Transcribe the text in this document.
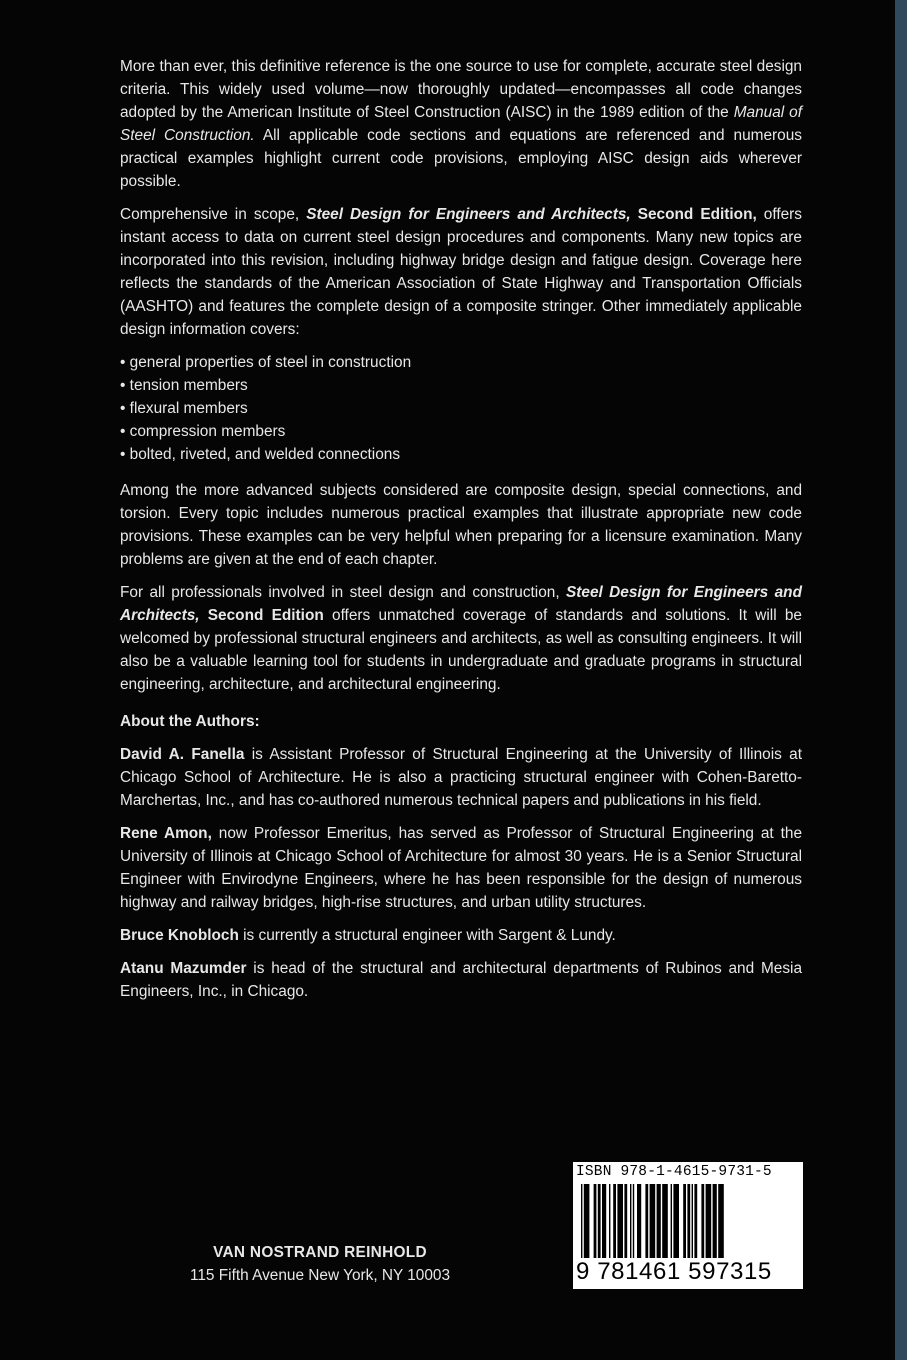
More than ever, this definitive reference is the one source to use for complete, accurate steel design criteria. This widely used volume—now thoroughly updated—encompasses all code changes adopted by the American Institute of Steel Construction (AISC) in the 1989 edition of the Manual of Steel Construction. All applicable code sections and equations are referenced and numerous practical examples highlight current code provisions, employing AISC design aids wherever possible.

Comprehensive in scope, Steel Design for Engineers and Architects, Second Edition, offers instant access to data on current steel design procedures and components. Many new topics are incorporated into this revision, including highway bridge design and fatigue design. Coverage here reflects the standards of the American Association of State Highway and Transportation Officials (AASHTO) and features the complete design of a composite stringer. Other immediately applicable design information covers:

• general properties of steel in construction
• tension members
• flexural members
• compression members
• bolted, riveted, and welded connections

Among the more advanced subjects considered are composite design, special connections, and torsion. Every topic includes numerous practical examples that illustrate appropriate new code provisions. These examples can be very helpful when preparing for a licensure examination. Many problems are given at the end of each chapter.

For all professionals involved in steel design and construction, Steel Design for Engineers and Architects, Second Edition offers unmatched coverage of standards and solutions. It will be welcomed by professional structural engineers and architects, as well as consulting engineers. It will also be a valuable learning tool for students in undergraduate and graduate programs in structural engineering, architecture, and architectural engineering.

About the Authors:

David A. Fanella is Assistant Professor of Structural Engineering at the University of Illinois at Chicago School of Architecture. He is also a practicing structural engineer with Cohen-Baretto-Marchertas, Inc., and has co-authored numerous technical papers and publications in his field.

Rene Amon, now Professor Emeritus, has served as Professor of Structural Engineering at the University of Illinois at Chicago School of Architecture for almost 30 years. He is a Senior Structural Engineer with Envirodyne Engineers, where he has been responsible for the design of numerous highway and railway bridges, high-rise structures, and urban utility structures.

Bruce Knobloch is currently a structural engineer with Sargent & Lundy.

Atanu Mazumder is head of the structural and architectural departments of Rubinos and Mesia Engineers, Inc., in Chicago.

VAN NOSTRAND REINHOLD
115 Fifth Avenue New York, NY 10003
ISBN 978-1-4615-9731-5
9 781461 597315
